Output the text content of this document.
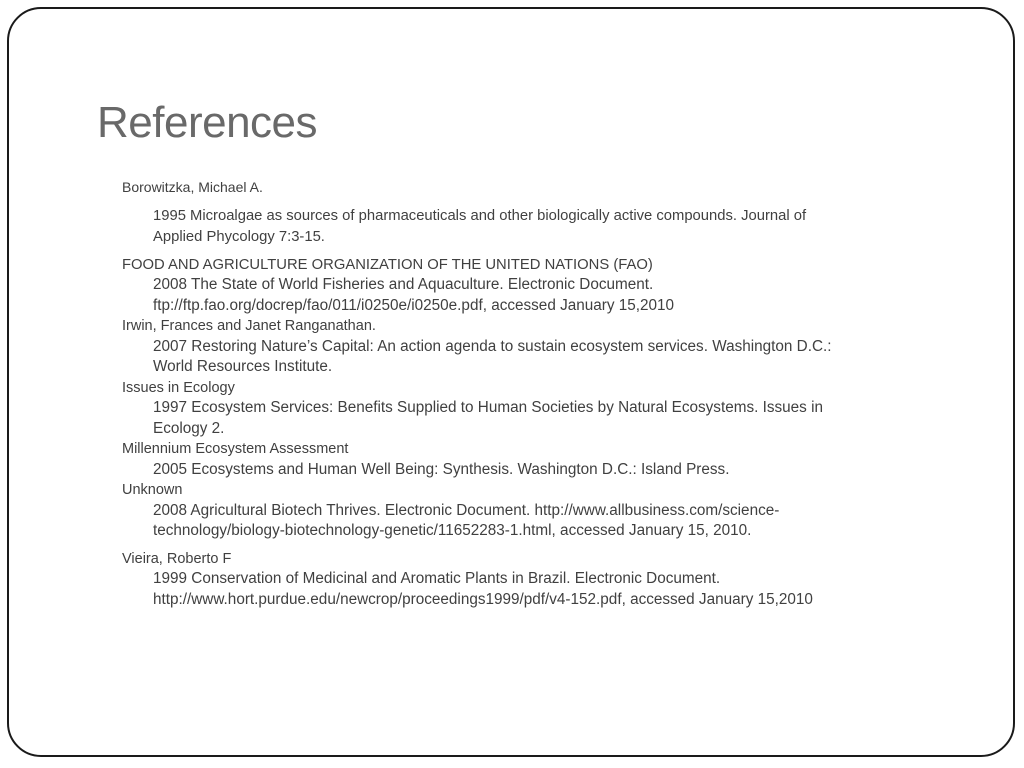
References
Borowitzka, Michael A.
1995 Microalgae as sources of pharmaceuticals and other biologically active compounds. Journal of
Applied Phycology 7:3-15.
FOOD AND AGRICULTURE ORGANIZATION OF THE UNITED NATIONS (FAO)
2008 The State of World Fisheries and Aquaculture. Electronic Document.
ftp://ftp.fao.org/docrep/fao/011/i0250e/i0250e.pdf, accessed January 15,2010
Irwin, Frances and Janet Ranganathan.
2007 Restoring Nature’s Capital: An action agenda to sustain ecosystem services. Washington D.C.:
World Resources Institute.
Issues in Ecology
1997 Ecosystem Services: Benefits Supplied to Human Societies by Natural Ecosystems. Issues in
Ecology 2.
Millennium Ecosystem Assessment
2005 Ecosystems and Human Well Being: Synthesis. Washington D.C.: Island Press.
Unknown
2008 Agricultural Biotech Thrives. Electronic Document. http://www.allbusiness.com/science-
technology/biology-biotechnology-genetic/11652283-1.html, accessed January 15, 2010.
Vieira, Roberto F
1999 Conservation of Medicinal and Aromatic Plants in Brazil. Electronic Document.
http://www.hort.purdue.edu/newcrop/proceedings1999/pdf/v4-152.pdf, accessed January 15,2010
